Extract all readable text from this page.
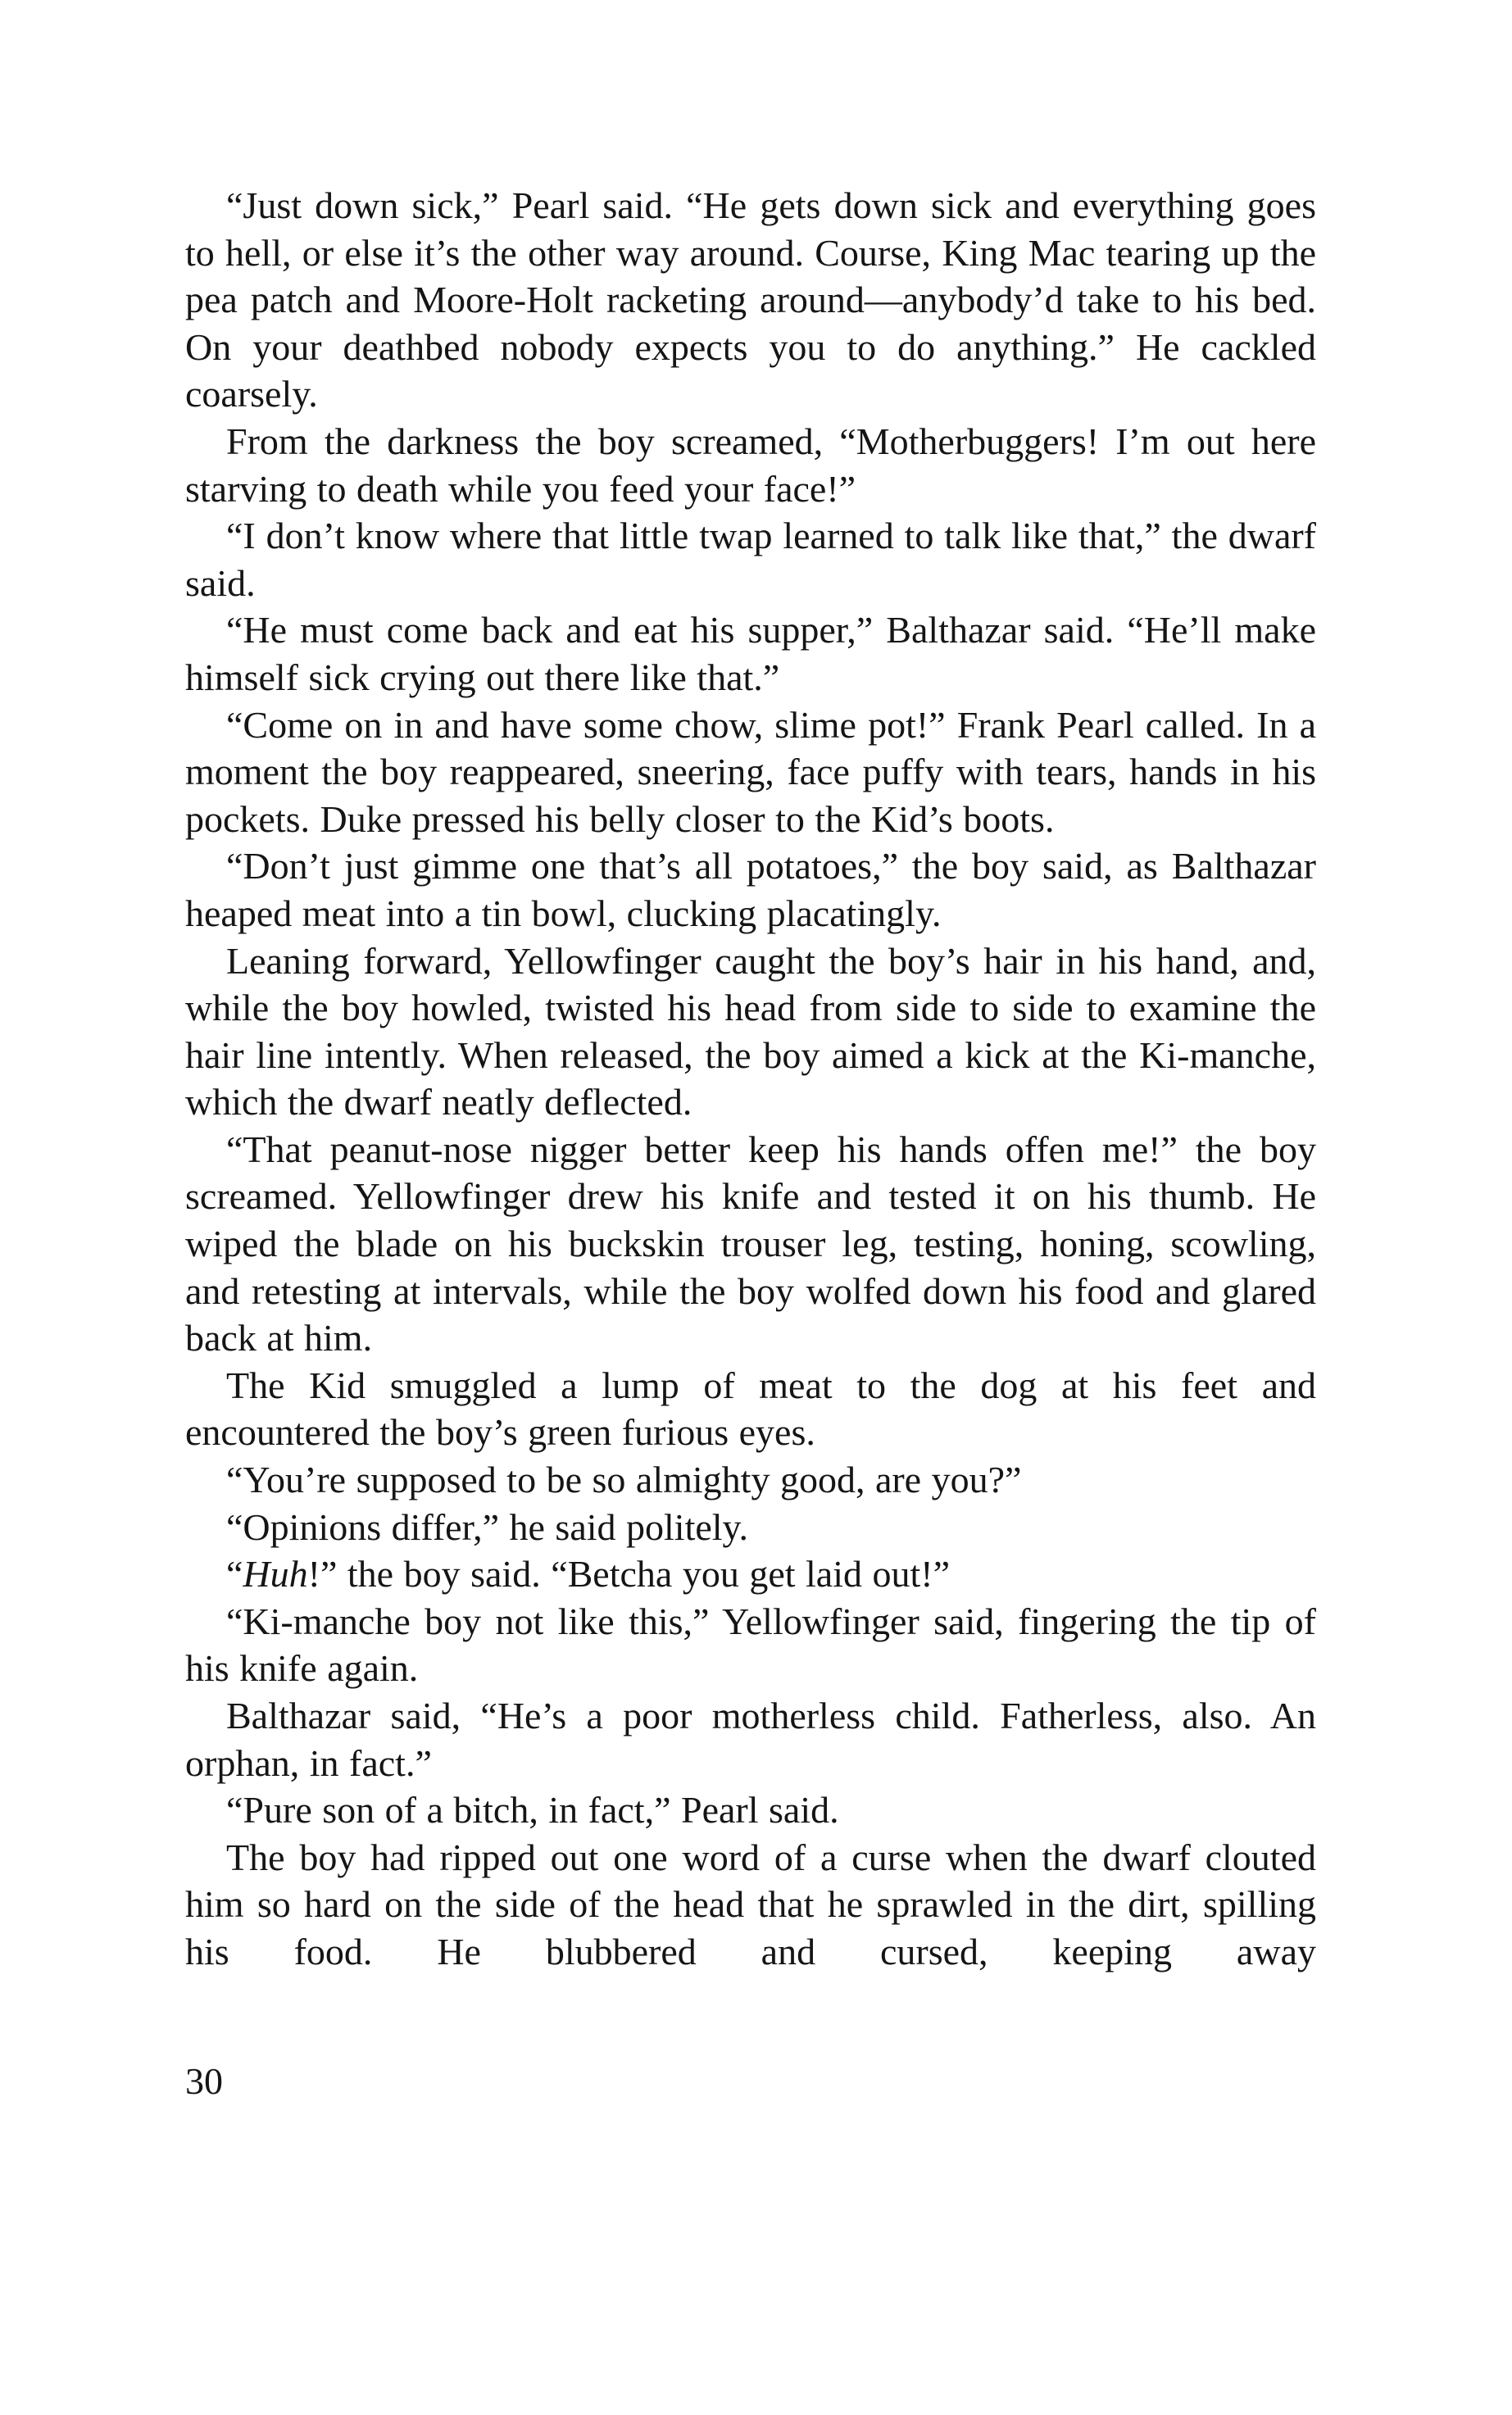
“Just down sick,” Pearl said. “He gets down sick and everything goes to hell, or else it’s the other way around. Course, King Mac tearing up the pea patch and Moore-Holt racketing around—anybody’d take to his bed. On your deathbed nobody expects you to do anything.” He cackled coarsely.

From the darkness the boy screamed, “Motherbuggers! I’m out here starving to death while you feed your face!”

“I don’t know where that little twap learned to talk like that,” the dwarf said.

“He must come back and eat his supper,” Balthazar said. “He’ll make himself sick crying out there like that.”

“Come on in and have some chow, slime pot!” Frank Pearl called. In a moment the boy reappeared, sneering, face puffy with tears, hands in his pockets. Duke pressed his belly closer to the Kid’s boots.

“Don’t just gimme one that’s all potatoes,” the boy said, as Balthazar heaped meat into a tin bowl, clucking placatingly.

Leaning forward, Yellowfinger caught the boy’s hair in his hand, and, while the boy howled, twisted his head from side to side to examine the hair line intently. When released, the boy aimed a kick at the Ki-manche, which the dwarf neatly deflected.

“That peanut-nose nigger better keep his hands offen me!” the boy screamed. Yellowfinger drew his knife and tested it on his thumb. He wiped the blade on his buckskin trouser leg, testing, honing, scowling, and retesting at intervals, while the boy wolfed down his food and glared back at him.

The Kid smuggled a lump of meat to the dog at his feet and encountered the boy’s green furious eyes.

“You’re supposed to be so almighty good, are you?”

“Opinions differ,” he said politely.

“Huh!” the boy said. “Betcha you get laid out!”

“Ki-manche boy not like this,” Yellowfinger said, fingering the tip of his knife again.

Balthazar said, “He’s a poor motherless child. Fatherless, also. An orphan, in fact.”

“Pure son of a bitch, in fact,” Pearl said.

The boy had ripped out one word of a curse when the dwarf clouted him so hard on the side of the head that he sprawled in the dirt, spilling his food. He blubbered and cursed, keeping away

30
